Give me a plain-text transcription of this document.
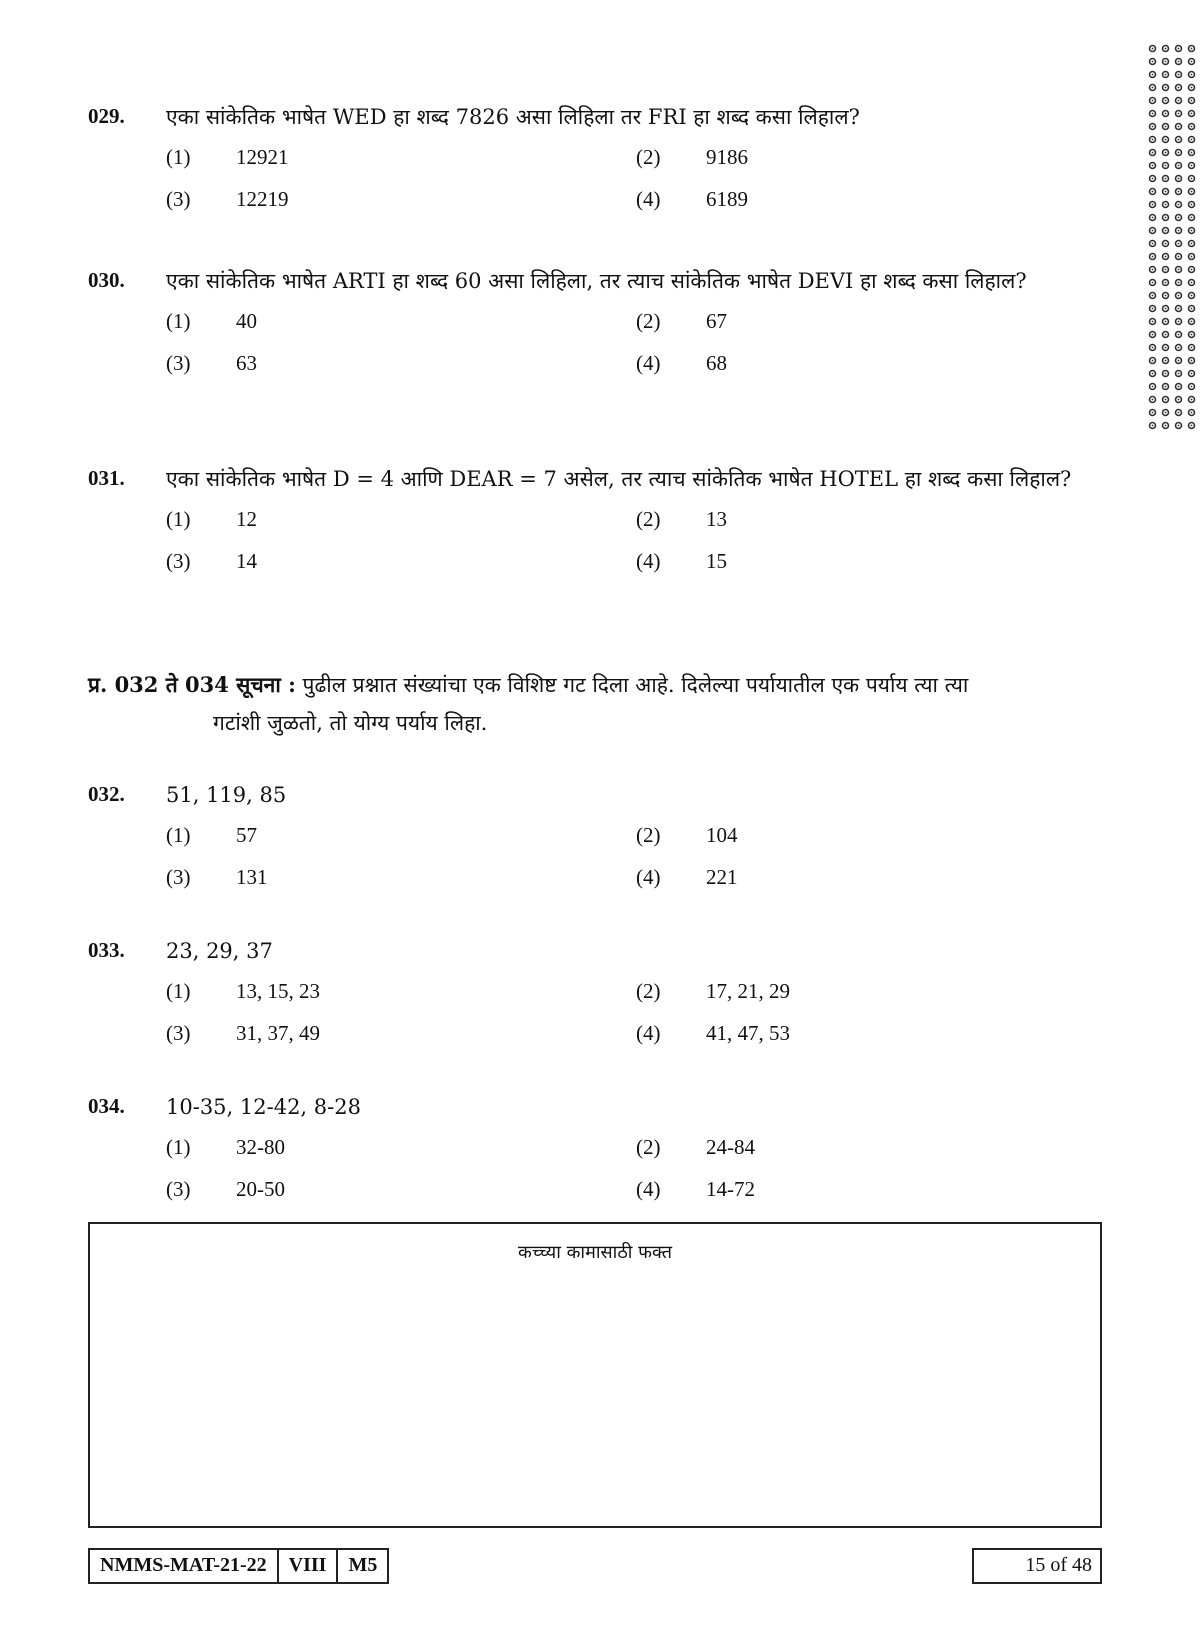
029.	एका सांकेतिक भाषेत WED हा शब्द 7826 असा लिहिला तर FRI हा शब्द कसा लिहाल?
(1)	12921	(2)	9186
(3)	12219	(4)	6189
030.	एका सांकेतिक भाषेत ARTI हा शब्द 60 असा लिहिला, तर त्याच सांकेतिक भाषेत DEVI हा शब्द कसा लिहाल?
(1)	40	(2)	67
(3)	63	(4)	68
031.	एका सांकेतिक भाषेत D = 4 आणि DEAR = 7 असेल, तर त्याच सांकेतिक भाषेत HOTEL हा शब्द कसा लिहाल?
(1)	12	(2)	13
(3)	14	(4)	15
प्र. 032 ते 034 सूचना : पुढील प्रश्नात संख्यांचा एक विशिष्ट गट दिला आहे. दिलेल्या पर्यायातील एक पर्याय त्या त्या
गटांशी जुळतो, तो योग्य पर्याय लिहा.
032.	51, 119, 85
(1)	57	(2)	104
(3)	131	(4)	221
033.	23, 29, 37
(1)	13, 15, 23	(2)	17, 21, 29
(3)	31, 37, 49	(4)	41, 47, 53
034.	10-35, 12-42, 8-28
(1)	32-80	(2)	24-84
(3)	20-50	(4)	14-72
कच्च्या कामासाठी फक्त
NMMS-MAT-21-22	VIII	M5	15 of 48
